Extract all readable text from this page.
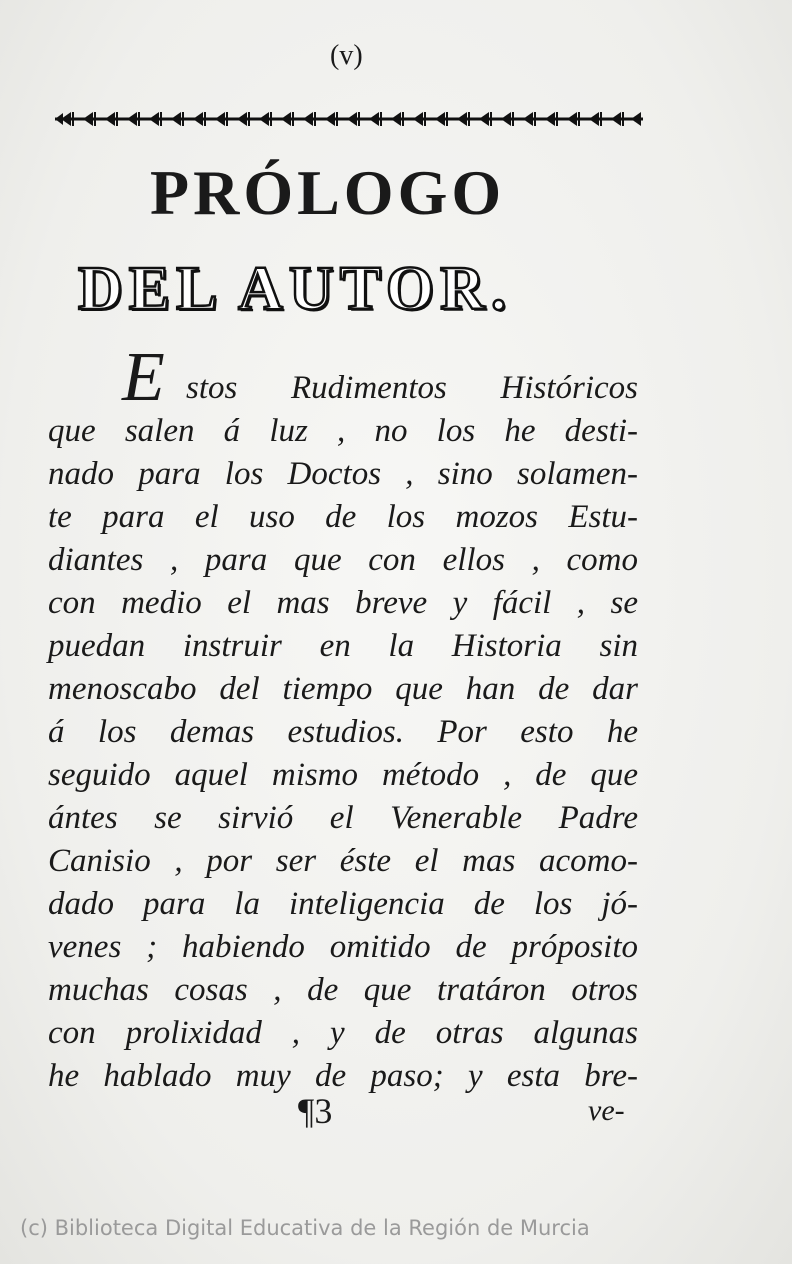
(v)
PRÓLOGO
DEL AUTOR.
E stos Rudimentos Históricos
que salen á luz , no los he desti-
nado para los Doctos , sino solamen-
te para el uso de los mozos Estu-
diantes , para que con ellos , como
con medio el mas breve y fácil , se
puedan instruir en la Historia sin
menoscabo del tiempo que han de dar
á los demas estudios. Por esto he
seguido aquel mismo método , de que
ántes se sirvió el Venerable Padre
Canisio , por ser éste el mas acomo-
dado para la inteligencia de los jó-
venes ; habiendo omitido de próposito
muchas cosas , de que tratáron otros
con prolixidad , y de otras algunas
he hablado muy de paso; y esta bre-
¶3	ve-
(c) Biblioteca Digital Educativa de la Región de Murcia
